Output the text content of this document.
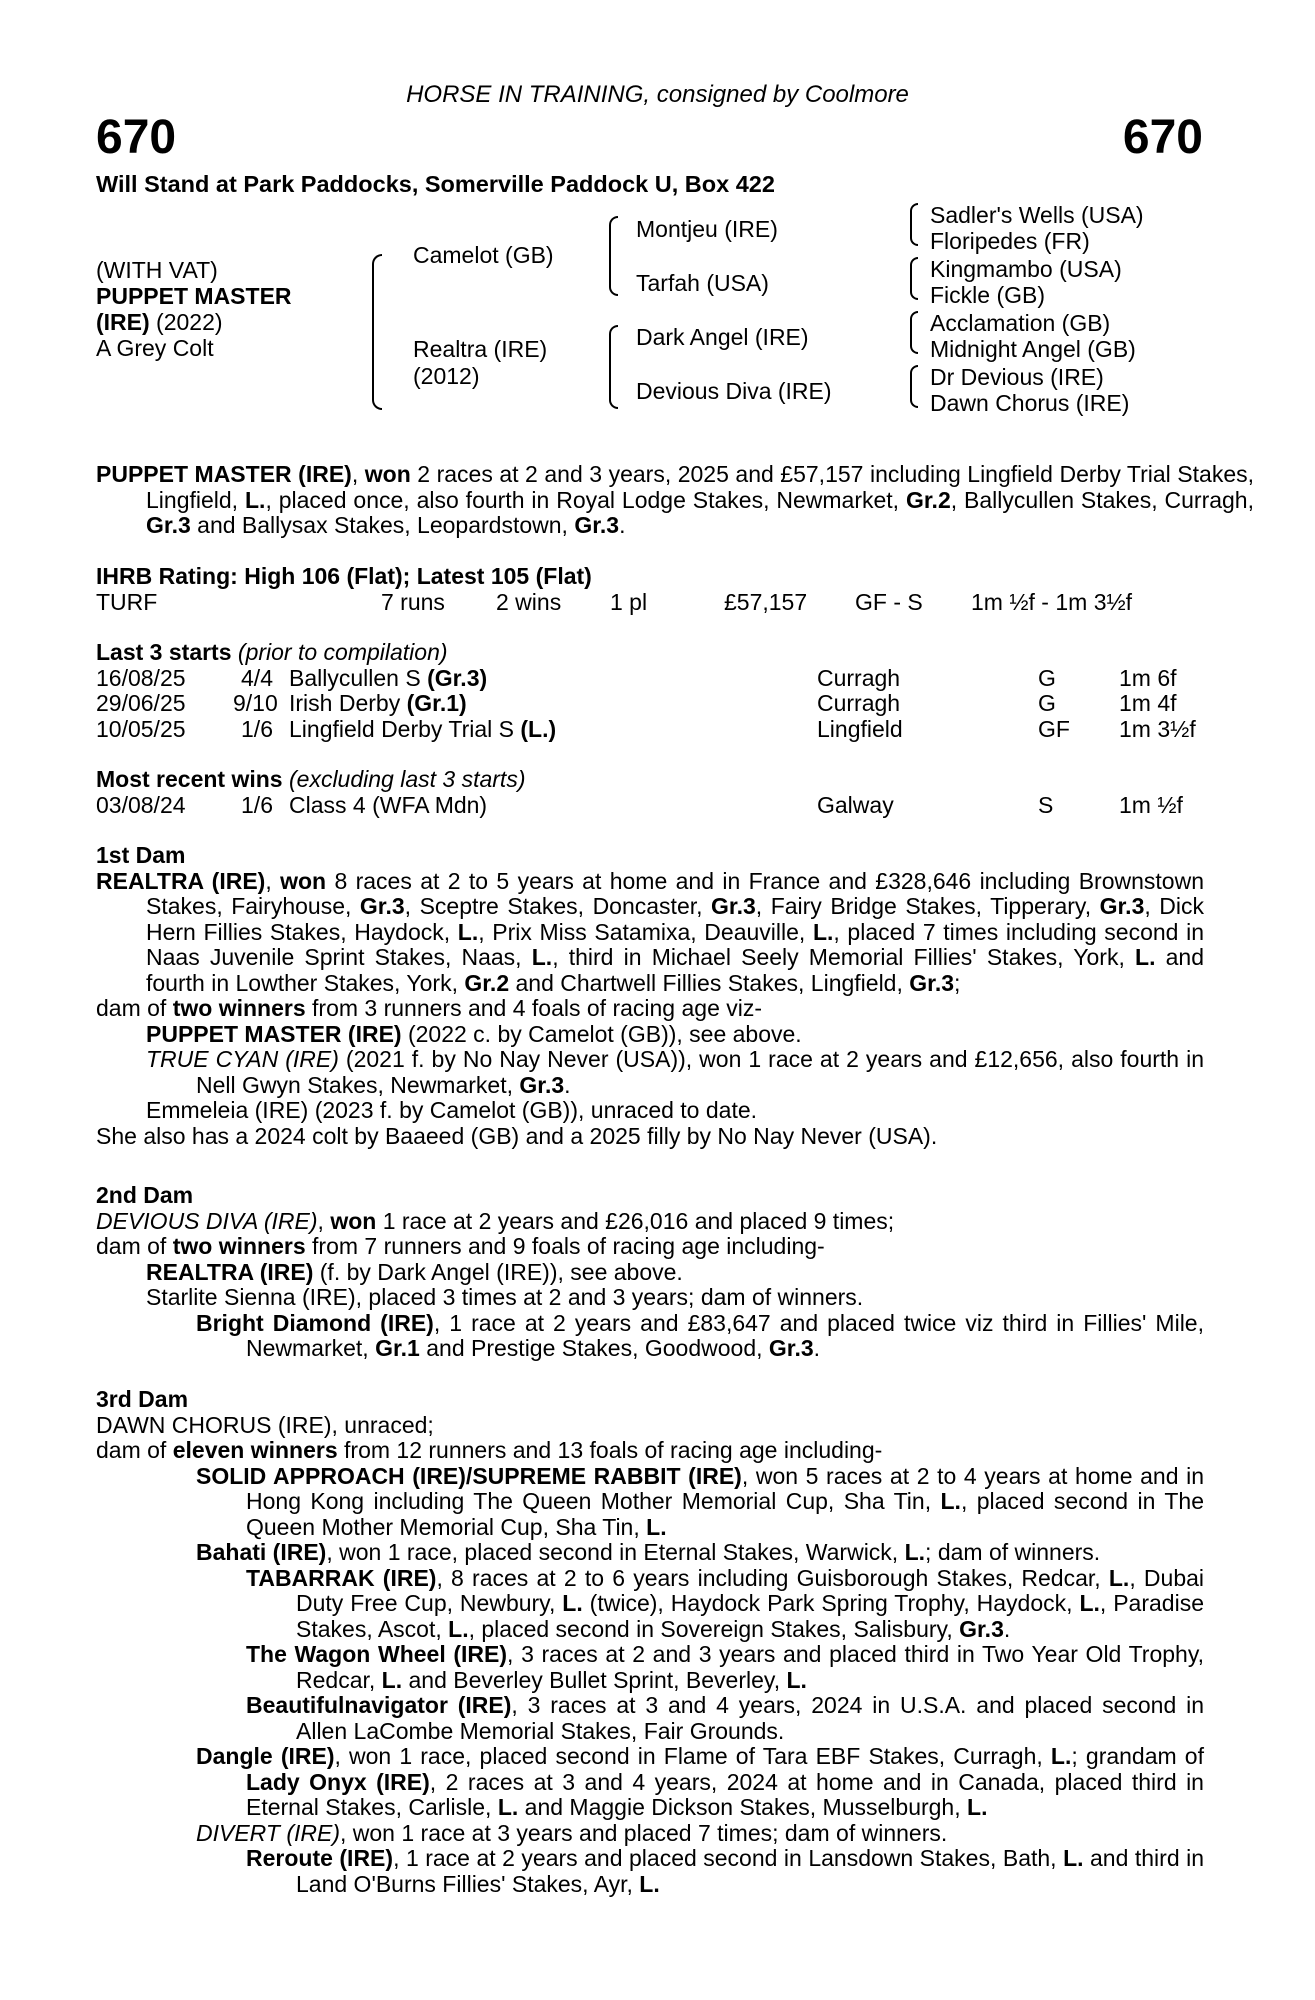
HORSE IN TRAINING, consigned by Coolmore
670	670
Will Stand at Park Paddocks, Somerville Paddock U, Box 422
(WITH VAT)
PUPPET MASTER
(IRE) (2022)
A Grey Colt
Camelot (GB)
Realtra (IRE)
(2012)
Montjeu (IRE)
Tarfah (USA)
Dark Angel (IRE)
Devious Diva (IRE)
Sadler's Wells (USA)
Floripedes (FR)
Kingmambo (USA)
Fickle (GB)
Acclamation (GB)
Midnight Angel (GB)
Dr Devious (IRE)
Dawn Chorus (IRE)
PUPPET MASTER (IRE), won 2 races at 2 and 3 years, 2025 and £57,157 including Lingfield Derby Trial Stakes, Lingfield, L., placed once, also fourth in Royal Lodge Stakes, Newmarket, Gr.2, Ballycullen Stakes, Curragh, Gr.3 and Ballysax Stakes, Leopardstown, Gr.3.
IHRB Rating: High 106 (Flat); Latest 105 (Flat)
TURF	7 runs 2 wins 1 pl	£57,157 GF - S 1m ½f - 1m 3½f
Last 3 starts (prior to compilation)
16/08/25	4/4 Ballycullen S (Gr.3)	Curragh	G	1m 6f
29/06/25 9/10 Irish Derby (Gr.1)	Curragh	G	1m 4f
10/05/25	1/6 Lingfield Derby Trial S (L.)	Lingfield	GF 1m 3½f
Most recent wins (excluding last 3 starts)
03/08/24	1/6 Class 4 (WFA Mdn)	Galway	S	1m ½f
1st Dam
REALTRA (IRE), won 8 races at 2 to 5 years at home and in France and £328,646 including Brownstown Stakes, Fairyhouse, Gr.3, Sceptre Stakes, Doncaster, Gr.3, Fairy Bridge Stakes, Tipperary, Gr.3, Dick Hern Fillies Stakes, Haydock, L., Prix Miss Satamixa, Deauville, L., placed 7 times including second in Naas Juvenile Sprint Stakes, Naas, L., third in Michael Seely Memorial Fillies' Stakes, York, L. and fourth in Lowther Stakes, York, Gr.2 and Chartwell Fillies Stakes, Lingfield, Gr.3;
dam of two winners from 3 runners and 4 foals of racing age viz-
PUPPET MASTER (IRE) (2022 c. by Camelot (GB)), see above.
TRUE CYAN (IRE) (2021 f. by No Nay Never (USA)), won 1 race at 2 years and £12,656, also fourth in Nell Gwyn Stakes, Newmarket, Gr.3.
Emmeleia (IRE) (2023 f. by Camelot (GB)), unraced to date.
She also has a 2024 colt by Baaeed (GB) and a 2025 filly by No Nay Never (USA).
2nd Dam
DEVIOUS DIVA (IRE), won 1 race at 2 years and £26,016 and placed 9 times;
dam of two winners from 7 runners and 9 foals of racing age including-
REALTRA (IRE) (f. by Dark Angel (IRE)), see above.
Starlite Sienna (IRE), placed 3 times at 2 and 3 years; dam of winners.
Bright Diamond (IRE), 1 race at 2 years and £83,647 and placed twice viz third in Fillies' Mile, Newmarket, Gr.1 and Prestige Stakes, Goodwood, Gr.3.
3rd Dam
DAWN CHORUS (IRE), unraced;
dam of eleven winners from 12 runners and 13 foals of racing age including-
SOLID APPROACH (IRE)/SUPREME RABBIT (IRE), won 5 races at 2 to 4 years at home and in Hong Kong including The Queen Mother Memorial Cup, Sha Tin, L., placed second in The Queen Mother Memorial Cup, Sha Tin, L.
Bahati (IRE), won 1 race, placed second in Eternal Stakes, Warwick, L.; dam of winners.
TABARRAK (IRE), 8 races at 2 to 6 years including Guisborough Stakes, Redcar, L., Dubai Duty Free Cup, Newbury, L. (twice), Haydock Park Spring Trophy, Haydock, L., Paradise Stakes, Ascot, L., placed second in Sovereign Stakes, Salisbury, Gr.3.
The Wagon Wheel (IRE), 3 races at 2 and 3 years and placed third in Two Year Old Trophy, Redcar, L. and Beverley Bullet Sprint, Beverley, L.
Beautifulnavigator (IRE), 3 races at 3 and 4 years, 2024 in U.S.A. and placed second in Allen LaCombe Memorial Stakes, Fair Grounds.
Dangle (IRE), won 1 race, placed second in Flame of Tara EBF Stakes, Curragh, L.; grandam of Lady Onyx (IRE), 2 races at 3 and 4 years, 2024 at home and in Canada, placed third in Eternal Stakes, Carlisle, L. and Maggie Dickson Stakes, Musselburgh, L.
DIVERT (IRE), won 1 race at 3 years and placed 7 times; dam of winners.
Reroute (IRE), 1 race at 2 years and placed second in Lansdown Stakes, Bath, L. and third in Land O'Burns Fillies' Stakes, Ayr, L.
